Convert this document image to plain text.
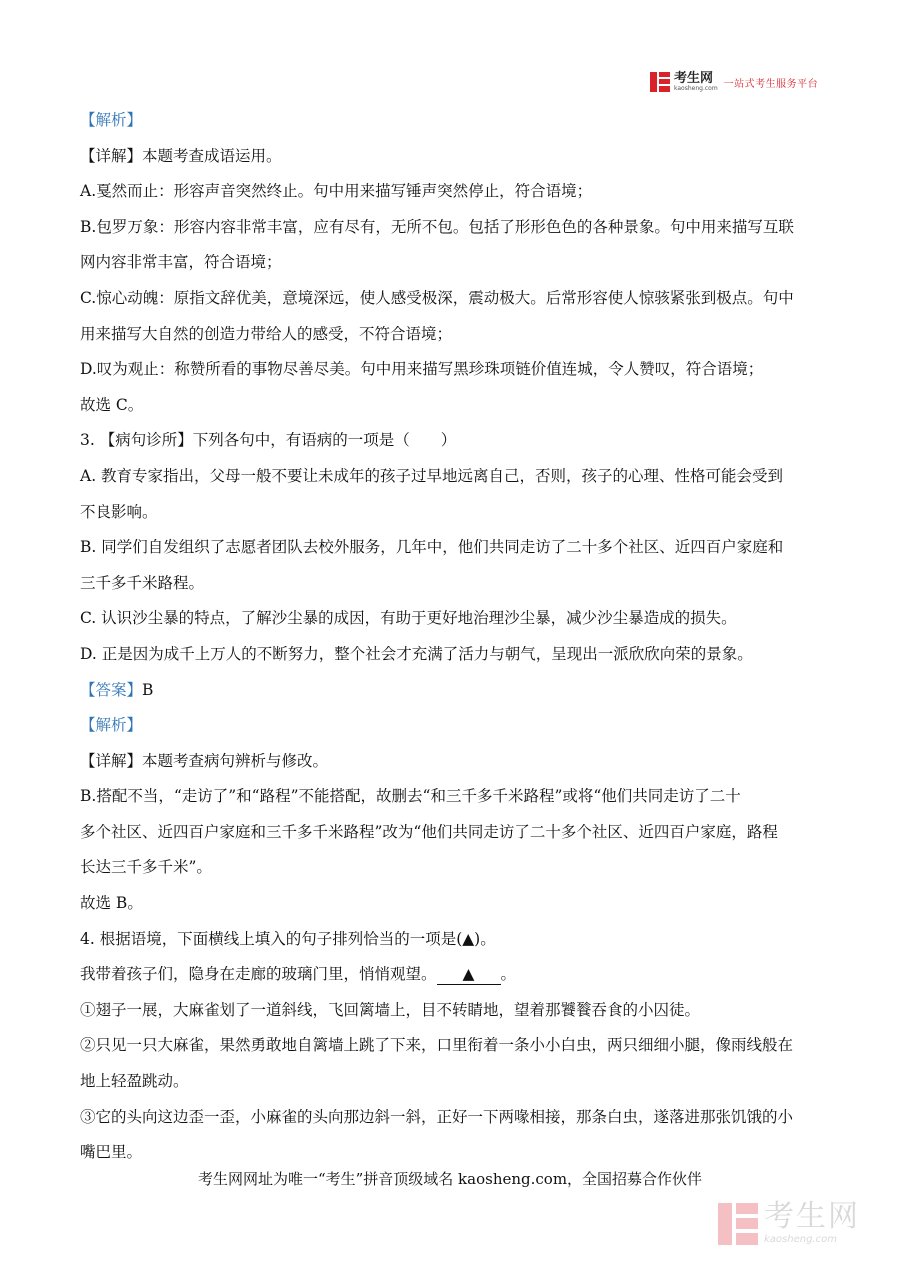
考生网
kaosheng.com 一站式考生服务平台
【解析】
【详解】本题考查成语运用。
A.戛然而止：形容声音突然终止。句中用来描写锤声突然停止，符合语境；
B.包罗万象：形容内容非常丰富，应有尽有，无所不包。包括了形形色色的各种景象。句中用来描写互联
网内容非常丰富，符合语境；
C.惊心动魄：原指文辞优美，意境深远，使人感受极深，震动极大。后常形容使人惊骇紧张到极点。句中
用来描写大自然的创造力带给人的感受，不符合语境；
D.叹为观止：称赞所看的事物尽善尽美。句中用来描写黑珍珠项链价值连城，令人赞叹，符合语境；
故选 C。
3. 【病句诊所】下列各句中，有语病的一项是（　　）
A. 教育专家指出，父母一般不要让未成年的孩子过早地远离自己，否则，孩子的心理、性格可能会受到
不良影响。
B. 同学们自发组织了志愿者团队去校外服务，几年中，他们共同走访了二十多个社区、近四百户家庭和
三千多千米路程。
C. 认识沙尘暴的特点，了解沙尘暴的成因，有助于更好地治理沙尘暴，减少沙尘暴造成的损失。
D. 正是因为成千上万人的不断努力，整个社会才充满了活力与朝气，呈现出一派欣欣向荣的景象。
【答案】B
【解析】
【详解】本题考查病句辨析与修改。
B.搭配不当，“走访了”和“路程”不能搭配，故删去“和三千多千米路程”或将“他们共同走访了二十
多个社区、近四百户家庭和三千多千米路程”改为“他们共同走访了二十多个社区、近四百户家庭，路程
长达三千多千米”。
故选 B。
4. 根据语境，下面横线上填入的句子排列恰当的一项是(▲)。
我带着孩子们，隐身在走廊的玻璃门里，悄悄观望。 ▲ 。
①翅子一展，大麻雀划了一道斜线，飞回篱墙上，目不转睛地，望着那饕餮吞食的小囚徒。
②只见一只大麻雀，果然勇敢地自篱墙上跳了下来，口里衔着一条小小白虫，两只细细小腿，像雨线般在
地上轻盈跳动。
③它的头向这边歪一歪，小麻雀的头向那边斜一斜，正好一下两喙相接，那条白虫，遂落进那张饥饿的小
嘴巴里。
考生网网址为唯一“考生”拼音顶级域名 kaosheng.com，全国招募合作伙伴
考生网
kaosheng.com
